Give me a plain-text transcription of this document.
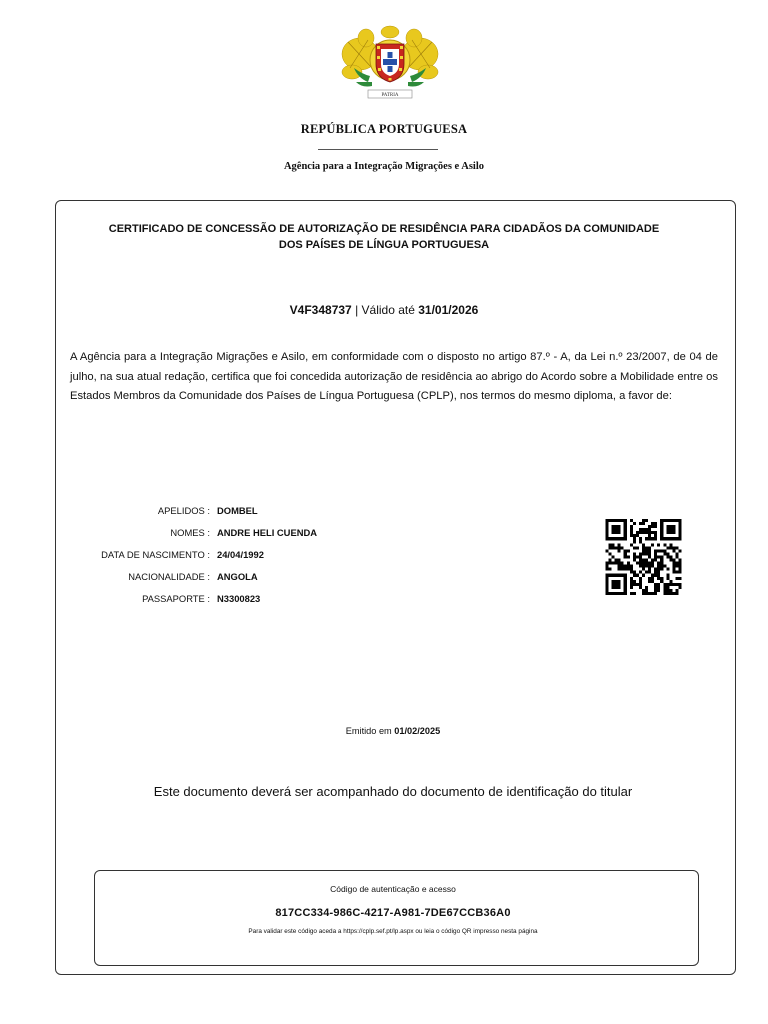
PATRIA
REPÚBLICA PORTUGUESA
Agência para a Integração Migrações e Asilo
CERTIFICADO DE CONCESSÃO DE AUTORIZAÇÃO DE RESIDÊNCIA PARA CIDADÃOS DA COMUNIDADE
DOS PAÍSES DE LÍNGUA PORTUGUESA
V4F348737 | Válido até 31/01/2026
A Agência para a Integração Migrações e Asilo, em conformidade com o disposto no artigo 87.º - A, da Lei n.º 23/2007, de 04 de julho, na sua atual redação, certifica que foi concedida autorização de residência ao abrigo do Acordo sobre a Mobilidade entre os Estados Membros da Comunidade dos Países de Língua Portuguesa (CPLP), nos termos do mesmo diploma, a favor de:
APELIDOS : DOMBEL
NOMES : ANDRE HELI CUENDA
DATA DE NASCIMENTO : 24/04/1992
NACIONALIDADE : ANGOLA
PASSAPORTE : N3300823
Emitido em 01/02/2025
Este documento deverá ser acompanhado do documento de identificação do titular
Código de autenticação e acesso
817CC334-986C-4217-A981-7DE67CCB36A0
Para validar este código aceda a https://cplp.sef.pt/lp.aspx ou leia o código QR impresso nesta página
